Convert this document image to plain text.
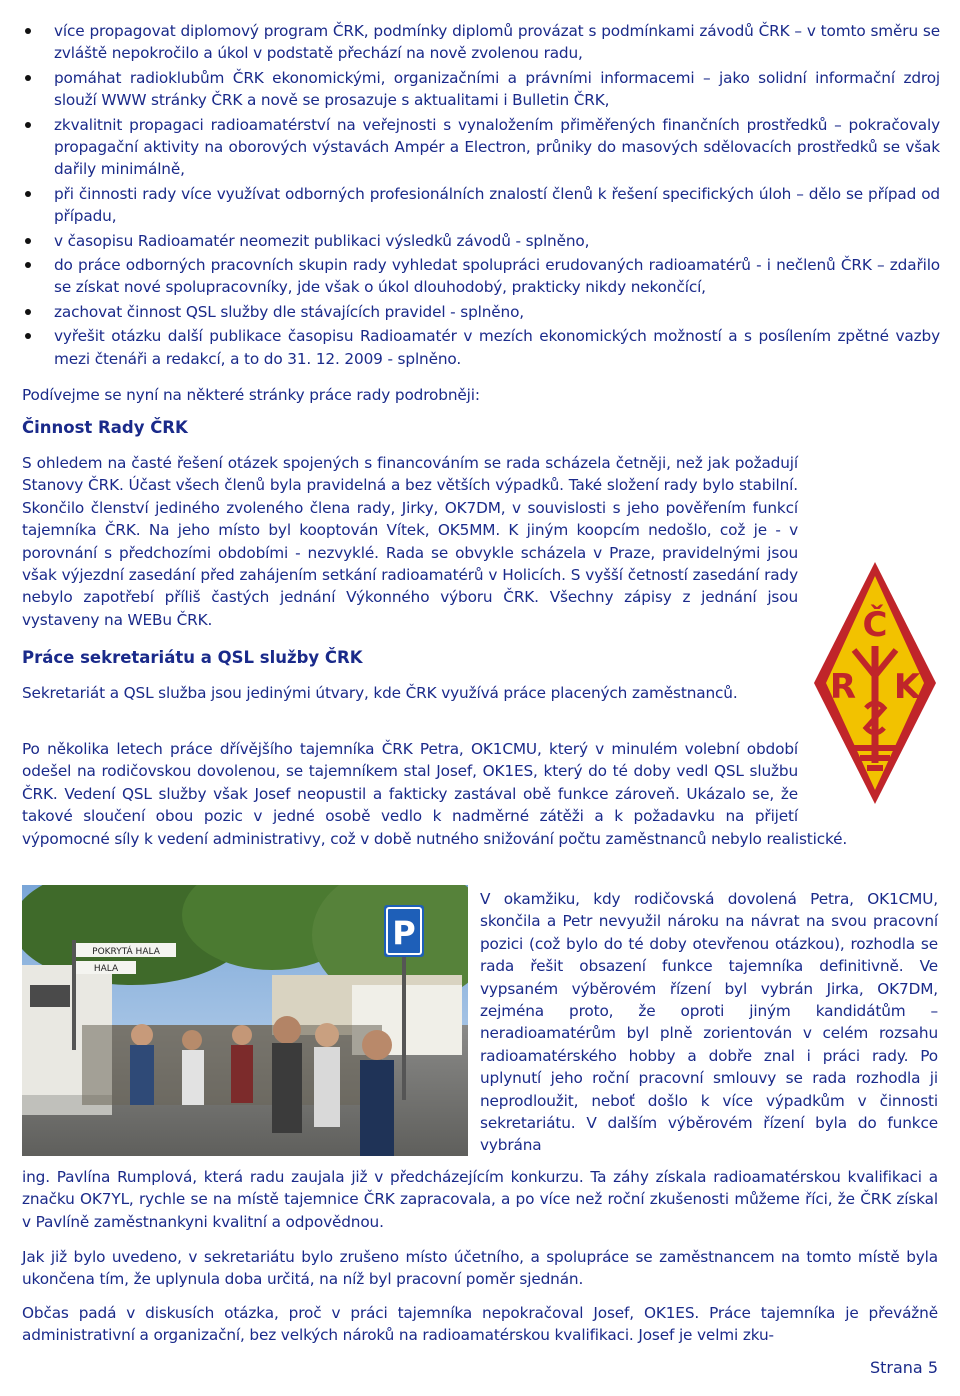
více propagovat diplomový program ČRK, podmínky diplomů provázat s podmínkami závodů ČRK – v tomto směru se zvláště nepokročilo a úkol v podstatě přechází na nově zvolenou radu,
pomáhat radioklubům ČRK ekonomickými, organizačními a právními informacemi – jako solidní informační zdroj slouží WWW stránky ČRK a nově se prosazuje s aktualitami i Bulletin ČRK,
zkvalitnit propagaci radioamatérství na veřejnosti s vynaložením přiměřených finančních prostředků – pokračovaly propagační aktivity na oborových výstavách Ampér a Electron, průniky do masových sdělovacích prostředků se však dařily minimálně,
při činnosti rady více využívat odborných profesionálních znalostí členů k řešení specifických úloh – dělo se případ od případu,
v časopisu Radioamatér neomezit publikaci výsledků závodů - splněno,
do práce odborných pracovních skupin rady vyhledat spolupráci erudovaných radioamatérů - i nečlenů ČRK – zdařilo se získat nové spolupracovníky, jde však o úkol dlouhodobý, prakticky nikdy nekončící,
zachovat činnost QSL služby dle stávajících pravidel - splněno,
vyřešit otázku další publikace časopisu Radioamatér v mezích ekonomických možností a s posílením zpětné vazby mezi čtenáři a redakcí, a to do 31. 12. 2009 - splněno.

Podívejme se nyní na některé stránky práce rady podrobněji:

Činnost Rady ČRK

S ohledem na časté řešení otázek spojených s financováním se rada scházela četněji, než jak požadují Stanovy ČRK. Účast všech členů byla pravidelná a bez větších výpadků. Také složení rady bylo stabilní. Skončilo členství jediného zvoleného člena rady, Jirky, OK7DM, v souvislosti s jeho pověřením funkcí tajemníka ČRK. Na jeho místo byl kooptován Vítek, OK5MM. K jiným koopcím nedošlo, což je - v porovnání s předchozími obdobími - nezvyklé. Rada se obvykle scházela v Praze, pravidelnými jsou však výjezdní zasedání před zahájením setkání radioamatérů v Holicích. S vyšší četností zasedání rady nebylo zapotřebí příliš častých jednání Výkonného výboru ČRK. Všechny zápisy z jednání jsou vystaveny na WEBu ČRK.	Č
R K
Práce sekretariátu a QSL služby ČRK

Sekretariát a QSL služba jsou jedinými útvary, kde ČRK využívá práce placených zaměstnanců.

Po několika letech práce dřívějšího tajemníka ČRK Petra, OK1CMU, který v minulém volební období odešel na rodičovskou dovolenou, se tajemníkem stal Josef, OK1ES, který do té doby vedl QSL službu ČRK. Vedení QSL služby však Josef neopustil a fakticky zastával obě funkce zároveň. Ukázalo se, že takové sloučení obou pozic v jedné osobě vedlo k nadměrné zátěži a k požadavku na přijetí výpomocné síly k vedení administrativy, což v době nutného snižování počtu zaměstnanců nebylo realistické.

P
POKRYTÁ HALA
HALA

V okamžiku, kdy rodičovská dovolená Petra, OK1CMU, skončila a Petr nevyužil nároku na návrat na svou pracovní pozici (což bylo do té doby otevřenou otázkou), rozhodla se rada řešit obsazení funkce tajemníka definitivně. Ve vypsaném výběrovém řízení byl vybrán Jirka, OK7DM, zejména proto, že oproti jiným kandidátům – neradioamatérům byl plně zorientován v celém rozsahu radioamatérského hobby a dobře znal i práci rady. Po uplynutí jeho roční pracovní smlouvy se rada rozhodla ji neprodloužit, neboť došlo k více výpadkům v činnosti sekretariátu. V dalším výběrovém řízení byla do funkce vybrána

ing. Pavlína Rumplová, která radu zaujala již v předcházejícím konkurzu. Ta záhy získala radioamatérskou kvalifikaci a značku OK7YL, rychle se na místě tajemnice ČRK zapracovala, a po více než roční zkušenosti můžeme říci, že ČRK získal v Pavlíně zaměstnankyni kvalitní a odpovědnou.

Jak již bylo uvedeno, v sekretariátu bylo zrušeno místo účetního, a spolupráce se zaměstnancem na tomto místě byla ukončena tím, že uplynula doba určitá, na níž byl pracovní poměr sjednán.

Občas padá v diskusích otázka, proč v práci tajemníka nepokračoval Josef, OK1ES. Práce tajemníka je převážně administrativní a organizační, bez velkých nároků na radioamatérskou kvalifikaci. Josef je velmi zku-

Strana 5
